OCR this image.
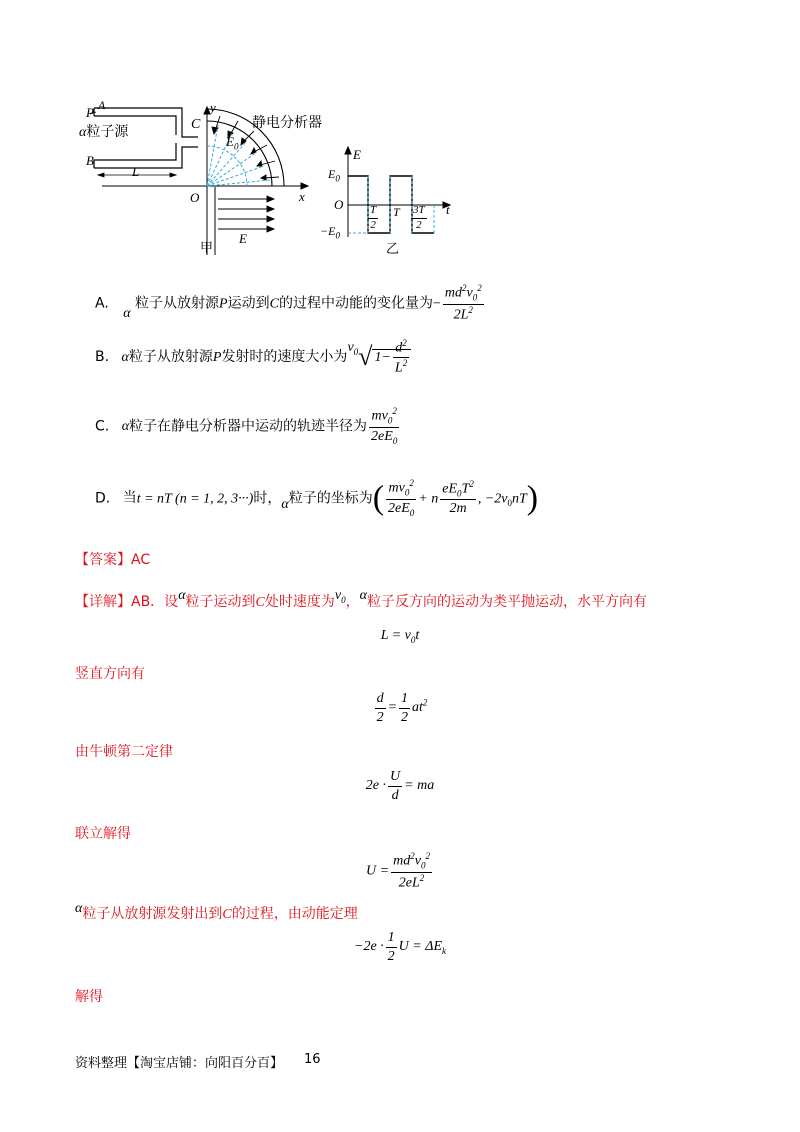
P A
α粒子源
B
L
C
O
y
x
$E_0$
静电分析器
E
甲
E
$E_0$
O
$-E_0$
t
$\frac{T}{2}$ T $\frac{3T}{2}$
乙
A. α 粒子从放射源P运动到C的过程中动能的变化量为− $\frac{md^2v_0^2}{2L^2}$
B. α粒子从放射源P发射时的速度大小为$v_0√$ $1- \frac{d^2}{L^2}$
C. α粒子在静电分析器中运动的轨迹半径为 $\frac{mv_0^2}{2eE_0}$
D. 当t = nT (n = 1, 2, 3···)时，α粒子的坐标为( $\frac{mv_0^2}{2eE_0} + n \frac{eE_0T^2}{2m}$ , $-2v_0nT$)
【答案】AC
【详解】AB．设α粒子运动到C处时速度为$v_0$，α粒子反方向的运动为类平抛运动，水平方向有
$L = v_0t$
竖直方向有
$\frac{d}{2} = \frac{1}{2} at^2$
由牛顿第二定律
$2e \cdot \frac{U}{d}$ = ma
联立解得
$U = \frac{md^2v_0^2}{2eL^2}$
α粒子从放射源发射出到C的过程，由动能定理
$-2e \cdot \frac{1}{2}$ $U = \Delta E_k$
解得
资料整理【淘宝店铺：向阳百分百】 16
